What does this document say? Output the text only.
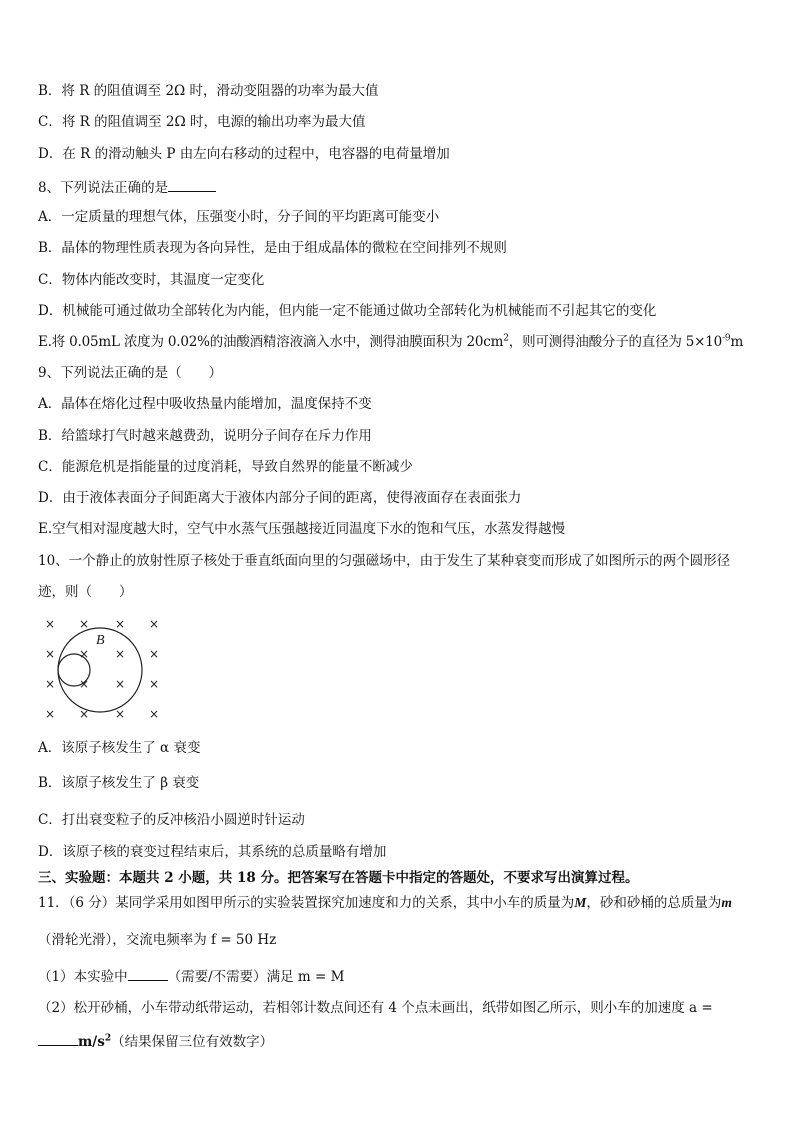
B．将 R 的阻值调至 2Ω 时，滑动变阻器的功率为最大值
C．将 R 的阻值调至 2Ω 时，电源的输出功率为最大值
D．在 R 的滑动触头 P 由左向右移动的过程中，电容器的电荷量增加
8、下列说法正确的是
A．一定质量的理想气体，压强变小时，分子间的平均距离可能变小
B．晶体的物理性质表现为各向异性，是由于组成晶体的微粒在空间排列不规则
C．物体内能改变时，其温度一定变化
D．机械能可通过做功全部转化为内能，但内能一定不能通过做功全部转化为机械能而不引起其它的变化
E.将 0.05mL 浓度为 0.02%的油酸酒精溶液滴入水中，测得油膜面积为 $20cm^2$，则可测得油酸分子的直径为 $5\times 10^{-9}m$
9、下列说法正确的是（　　）
A．晶体在熔化过程中吸收热量内能增加，温度保持不变
B．给篮球打气时越来越费劲，说明分子间存在斥力作用
C．能源危机是指能量的过度消耗，导致自然界的能量不断减少
D．由于液体表面分子间距离大于液体内部分子间的距离，使得液面存在表面张力
E.空气相对湿度越大时，空气中水蒸气压强越接近同温度下水的饱和气压，水蒸发得越慢
10、一个静止的放射性原子核处于垂直纸面向里的匀强磁场中，由于发生了某种衰变而形成了如图所示的两个圆形径
迹，则（　　）
× × × ×
× × × ×
× × × ×
× × × ×
B
A．该原子核发生了 α 衰变
B．该原子核发生了 β 衰变
C．打出衰变粒子的反冲核沿小圆逆时针运动
D．该原子核的衰变过程结束后，其系统的总质量略有增加
三、实验题：本题共 2 小题，共 18 分。把答案写在答题卡中指定的答题处，不要求写出演算过程。
11．（6 分）某同学采用如图甲所示的实验装置探究加速度和力的关系，其中小车的质量为M，砂和砂桶的总质量为m
（滑轮光滑），交流电频率为 f = 50 Hz
（1）本实验中	（需要/不需要）满足 m = M
（2）松开砂桶，小车带动纸带运动，若相邻计数点间还有 4 个点未画出，纸带如图乙所示，则小车的加速度 a =
$m/s^2$（结果保留三位有效数字）
